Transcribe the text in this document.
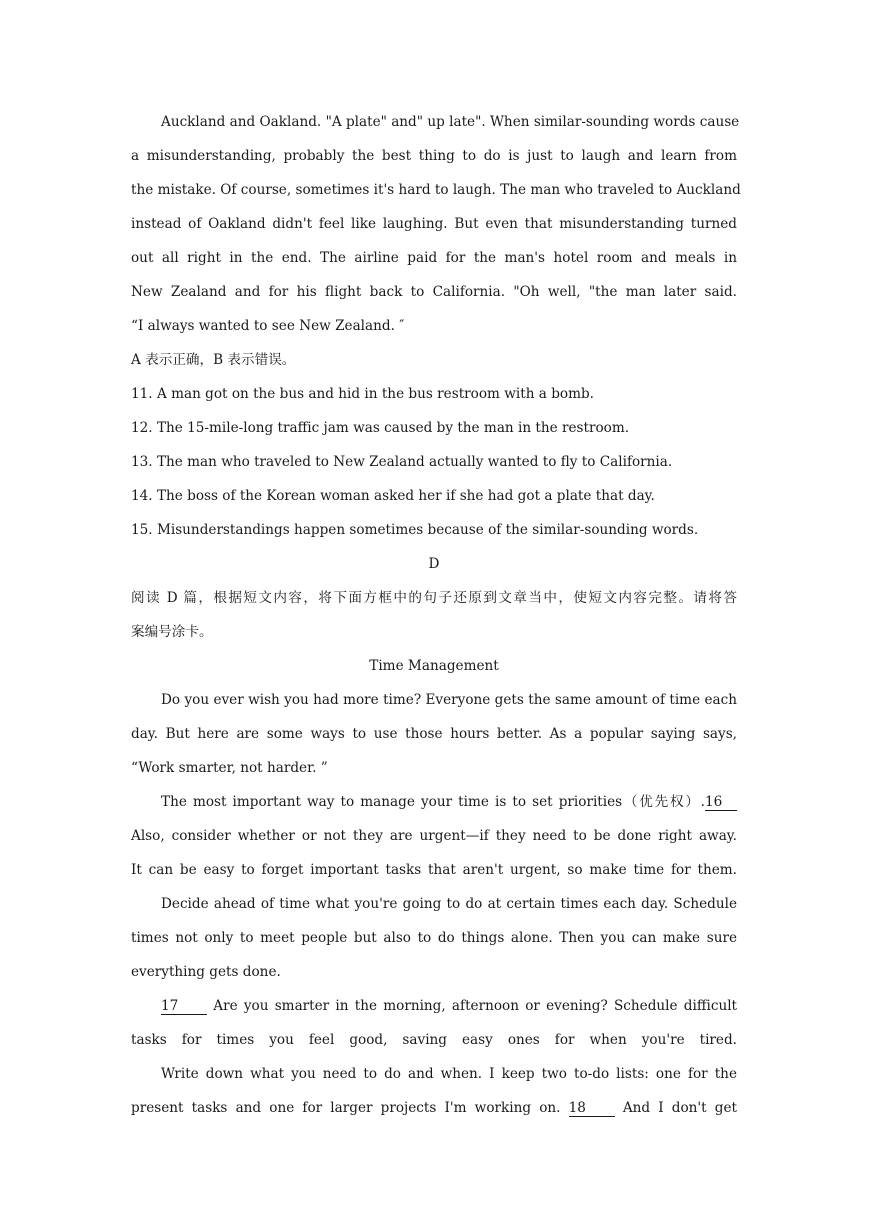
Auckland and Oakland. "A plate" and" up late". When similar-sounding words cause
a misunderstanding, probably the best thing to do is just to laugh and learn from
the mistake. Of course, sometimes it's hard to laugh. The man who traveled to Auckland
instead of Oakland didn't feel like laughing. But even that misunderstanding turned
out all right in the end. The airline paid for the man's hotel room and meals in
New Zealand and for his flight back to California. "Oh well, "the man later said.
“I always wanted to see New Zealand. ″
A 表示正确，B 表示错误。
11. A man got on the bus and hid in the bus restroom with a bomb.
12. The 15-mile-long traffic jam was caused by the man in the restroom.
13. The man who traveled to New Zealand actually wanted to fly to California.
14. The boss of the Korean woman asked her if she had got a plate that day.
15. Misunderstandings happen sometimes because of the similar-sounding words.
D
阅读 D 篇，根据短文内容，将下面方框中的句子还原到文章当中，使短文内容完整。请将答
案编号涂卡。
Time Management
Do you ever wish you had more time? Everyone gets the same amount of time each
day. But here are some ways to use those hours better. As a popular saying says,
“Work smarter, not harder. ”
The most important way to manage your time is to set priorities（优先权）.16
Also, consider whether or not they are urgent—if they need to be done right away.
It can be easy to forget important tasks that aren't urgent, so make time for them.
Decide ahead of time what you're going to do at certain times each day. Schedule
times not only to meet people but also to do things alone. Then you can make sure
everything gets done.
17	Are you smarter in the morning, afternoon or evening? Schedule difficult
tasks for times you feel good, saving easy ones for when you're tired.
Write down what you need to do and when. I keep two to-do lists: one for the
present tasks and one for larger projects I'm working on. 18	And I don't get
